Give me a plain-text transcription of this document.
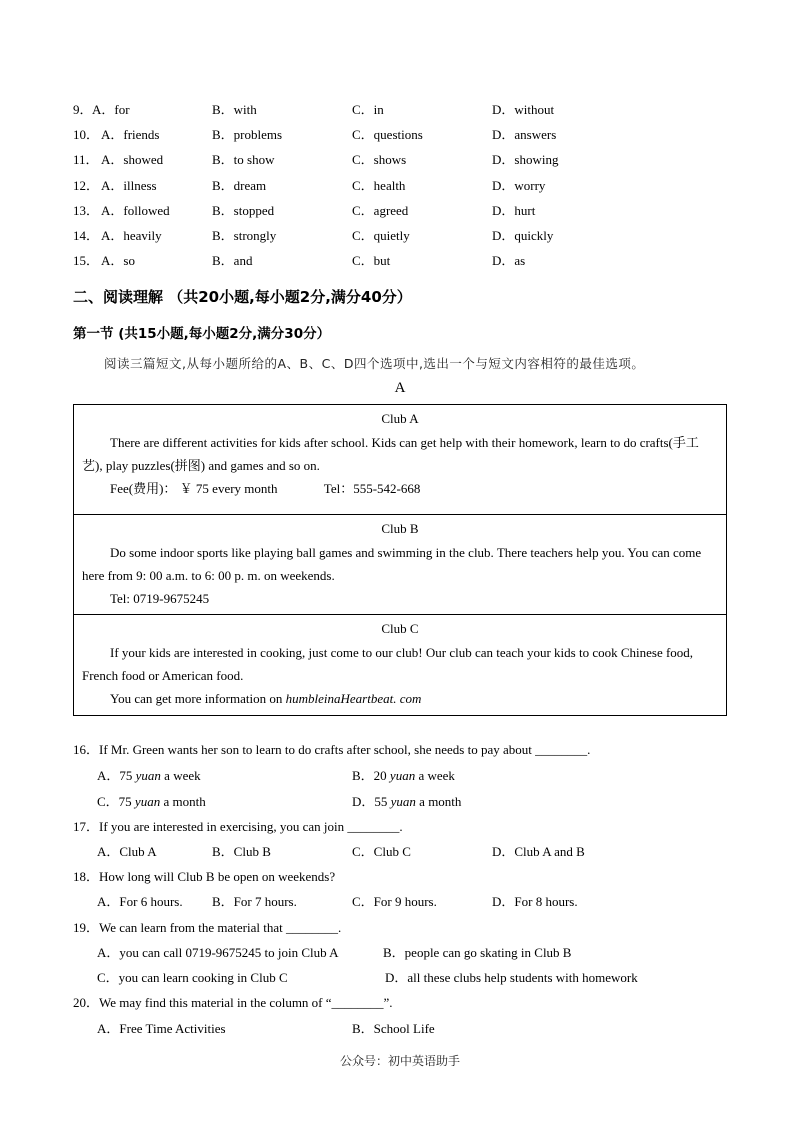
9． A．for	B．with	C．in	D．without
10． A．friends	B．problems	C．questions	D．answers
11． A．showed	B．to show	C．shows	D．showing
12． A．illness	B．dream	C．health	D．worry
13． A．followed	B．stopped	C．agreed	D．hurt
14． A．heavily	B．strongly	C．quietly	D．quickly
15． A．so	B．and	C．but	D．as
二、阅读理解 （共20小题,每小题2分,满分40分）
第一节 (共15小题,每小题2分,满分30分）
阅读三篇短文,从每小题所给的A、B、C、D四个选项中,选出一个与短文内容相符的最佳选项。
A
Club A
There are different activities for kids after school. Kids can get help with their homework, learn to do crafts(手工艺), play puzzles(拼图) and games and so on.
Fee(费用)： ￥ 75 every month	Tel：555-542-668
Club B
Do some indoor sports like playing ball games and swimming in the club. There teachers help you. You can come here from 9: 00 a.m. to 6: 00 p. m. on weekends.
Tel: 0719-9675245
Club C
If your kids are interested in cooking, just come to our club! Our club can teach your kids to cook Chinese food, French food or American food.
You can get more information on humbleinaHeartbeat. com
16．If Mr. Green wants her son to learn to do crafts after school, she needs to pay about ________.
A．75 yuan a week	B．20 yuan a week
C．75 yuan a month	D．55 yuan a month
17．If you are interested in exercising, you can join ________.
A．Club A	B．Club B	C．Club C	D．Club A and B
18．How long will Club B be open on weekends?
A．For 6 hours. B．For 7 hours.	C．For 9 hours.	D．For 8 hours.
19．We can learn from the material that ________.
A．you can call 0719-9675245 to join Club A	B．people can go skating in Club B
C．you can learn cooking in Club C	D．all these clubs help students with homework
20．We may find this material in the column of “________”.
A．Free Time Activities	B．School Life
公众号：初中英语助手
